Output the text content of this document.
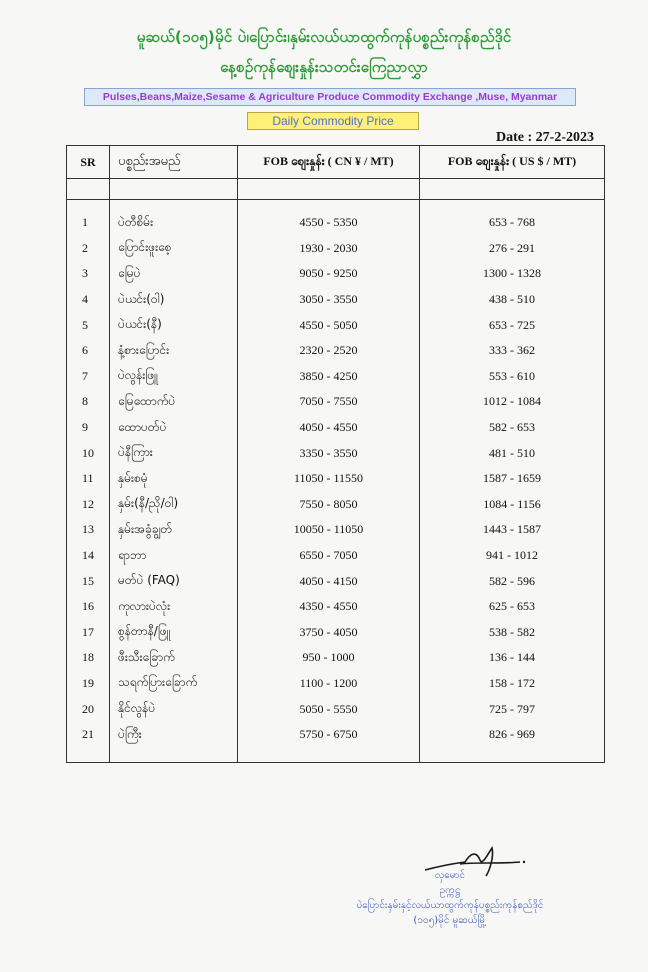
မူဆယ်(၁၀၅)မိုင် ပဲ၊ပြောင်း၊နှမ်းလယ်ယာထွက်ကုန်ပစ္စည်းကုန်စည်ဒိုင်
နေ့စဉ်ကုန်စျေးနှုန်းသတင်းကြေညာလွှာ
Pulses,Beans,Maize,Sesame & Agriculture Produce Commodity Exchange ,Muse, Myanmar
Daily Commodity Price
Date : 27-2-2023
SR	ပစ္စည်းအမည်	FOB စျေးနှုန်း ( CN ¥ / MT)	FOB စျေးနှုန်း ( US $ / MT)

1	ပဲတီစိမ်း	4550 - 5350	653 - 768
2	ပြောင်းဖူးစေ့	1930 - 2030	276 - 291
3	မြေပဲ	9050 - 9250	1300 - 1328
4	ပဲယင်း(ဝါ)	3050 - 3550	438 - 510
5	ပဲယင်း(နီ)	4550 - 5050	653 - 725
6	နံ့စားပြောင်း	2320 - 2520	333 - 362
7	ပဲလွန်းဖြူ	3850 - 4250	553 - 610
8	မြေထောက်ပဲ	7050 - 7550	1012 - 1084
9	ထောပတ်ပဲ	4050 - 4550	582 - 653
10	ပဲနီကြား	3350 - 3550	481 - 510
11	နှမ်းစမုံ	11050 - 11550	1587 - 1659
12	နှမ်း(နီ/ညို/ဝါ)	7550 - 8050	1084 - 1156
13	နှမ်းအခွံချွတ်	10050 - 11050	1443 - 1587
14	ရာဘာ	6550 - 7050	941 - 1012
15	မတ်ပဲ (FAQ)	4050 - 4150	582 - 596
16	ကုလားပဲလုံး	4350 - 4550	625 - 653
17	စွန်တာနီ/ဖြူ	3750 - 4050	538 - 582
18	ဖီးသီးခြောက်	950 - 1000	136 - 144
19	သရက်ပြားခြောက်	1100 - 1200	158 - 172
20	နိုင်လွန်ပဲ	5050 - 5550	725 - 797
21	ပဲကြီး	5750 - 6750	826 - 969

လှမောင်
ဥက္ကဋ္ဌ
ပဲပြောင်းနှမ်းနှင့်လယ်ယာထွက်ကုန်ပစ္စည်းကုန်စည်ဒိုင်
(၁၀၅)မိုင် မူဆယ်မြို့
